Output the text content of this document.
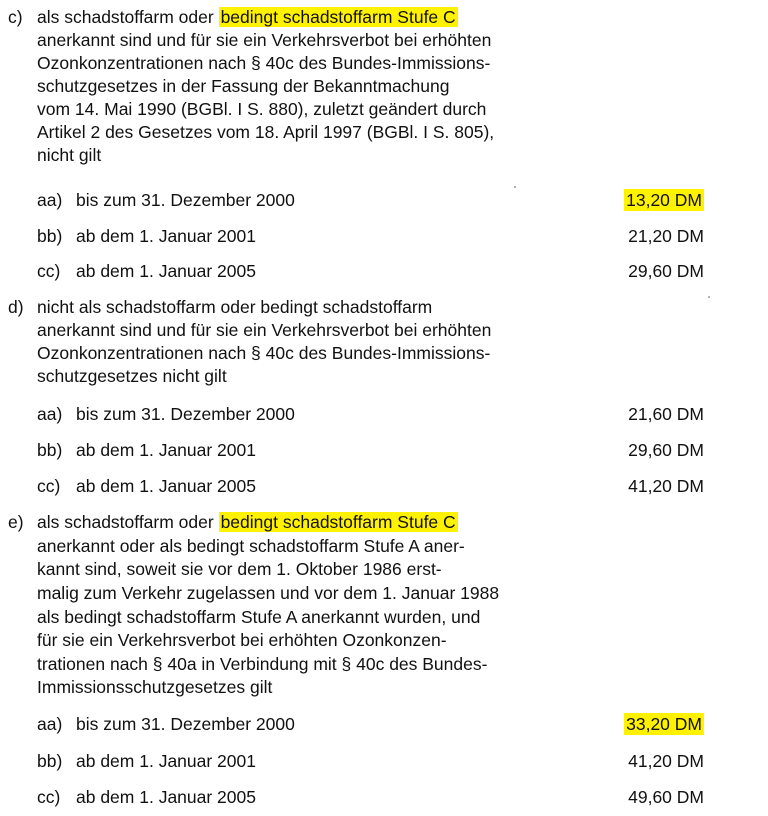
c) als schadstoffarm oder bedingt schadstoffarm Stufe C
anerkannt sind und für sie ein Verkehrsverbot bei erhöhten
Ozonkonzentrationen nach § 40c des Bundes-Immissions-
schutzgesetzes in der Fassung der Bekanntmachung
vom 14. Mai 1990 (BGBl. I S. 880), zuletzt geändert durch
Artikel 2 des Gesetzes vom 18. April 1997 (BGBl. I S. 805),
nicht gilt
aa) bis zum 31. Dezember 2000	13,20 DM
bb) ab dem 1. Januar 2001	21,20 DM
cc) ab dem 1. Januar 2005	29,60 DM
d) nicht als schadstoffarm oder bedingt schadstoffarm
anerkannt sind und für sie ein Verkehrsverbot bei erhöhten
Ozonkonzentrationen nach § 40c des Bundes-Immissions-
schutzgesetzes nicht gilt
aa) bis zum 31. Dezember 2000	21,60 DM
bb) ab dem 1. Januar 2001	29,60 DM
cc) ab dem 1. Januar 2005	41,20 DM
e) als schadstoffarm oder bedingt schadstoffarm Stufe C
anerkannt oder als bedingt schadstoffarm Stufe A aner-
kannt sind, soweit sie vor dem 1. Oktober 1986 erst-
malig zum Verkehr zugelassen und vor dem 1. Januar 1988
als bedingt schadstoffarm Stufe A anerkannt wurden, und
für sie ein Verkehrsverbot bei erhöhten Ozonkonzen-
trationen nach § 40a in Verbindung mit § 40c des Bundes-
Immissionsschutzgesetzes gilt
aa) bis zum 31. Dezember 2000	33,20 DM
bb) ab dem 1. Januar 2001	41,20 DM
cc) ab dem 1. Januar 2005	49,60 DM
